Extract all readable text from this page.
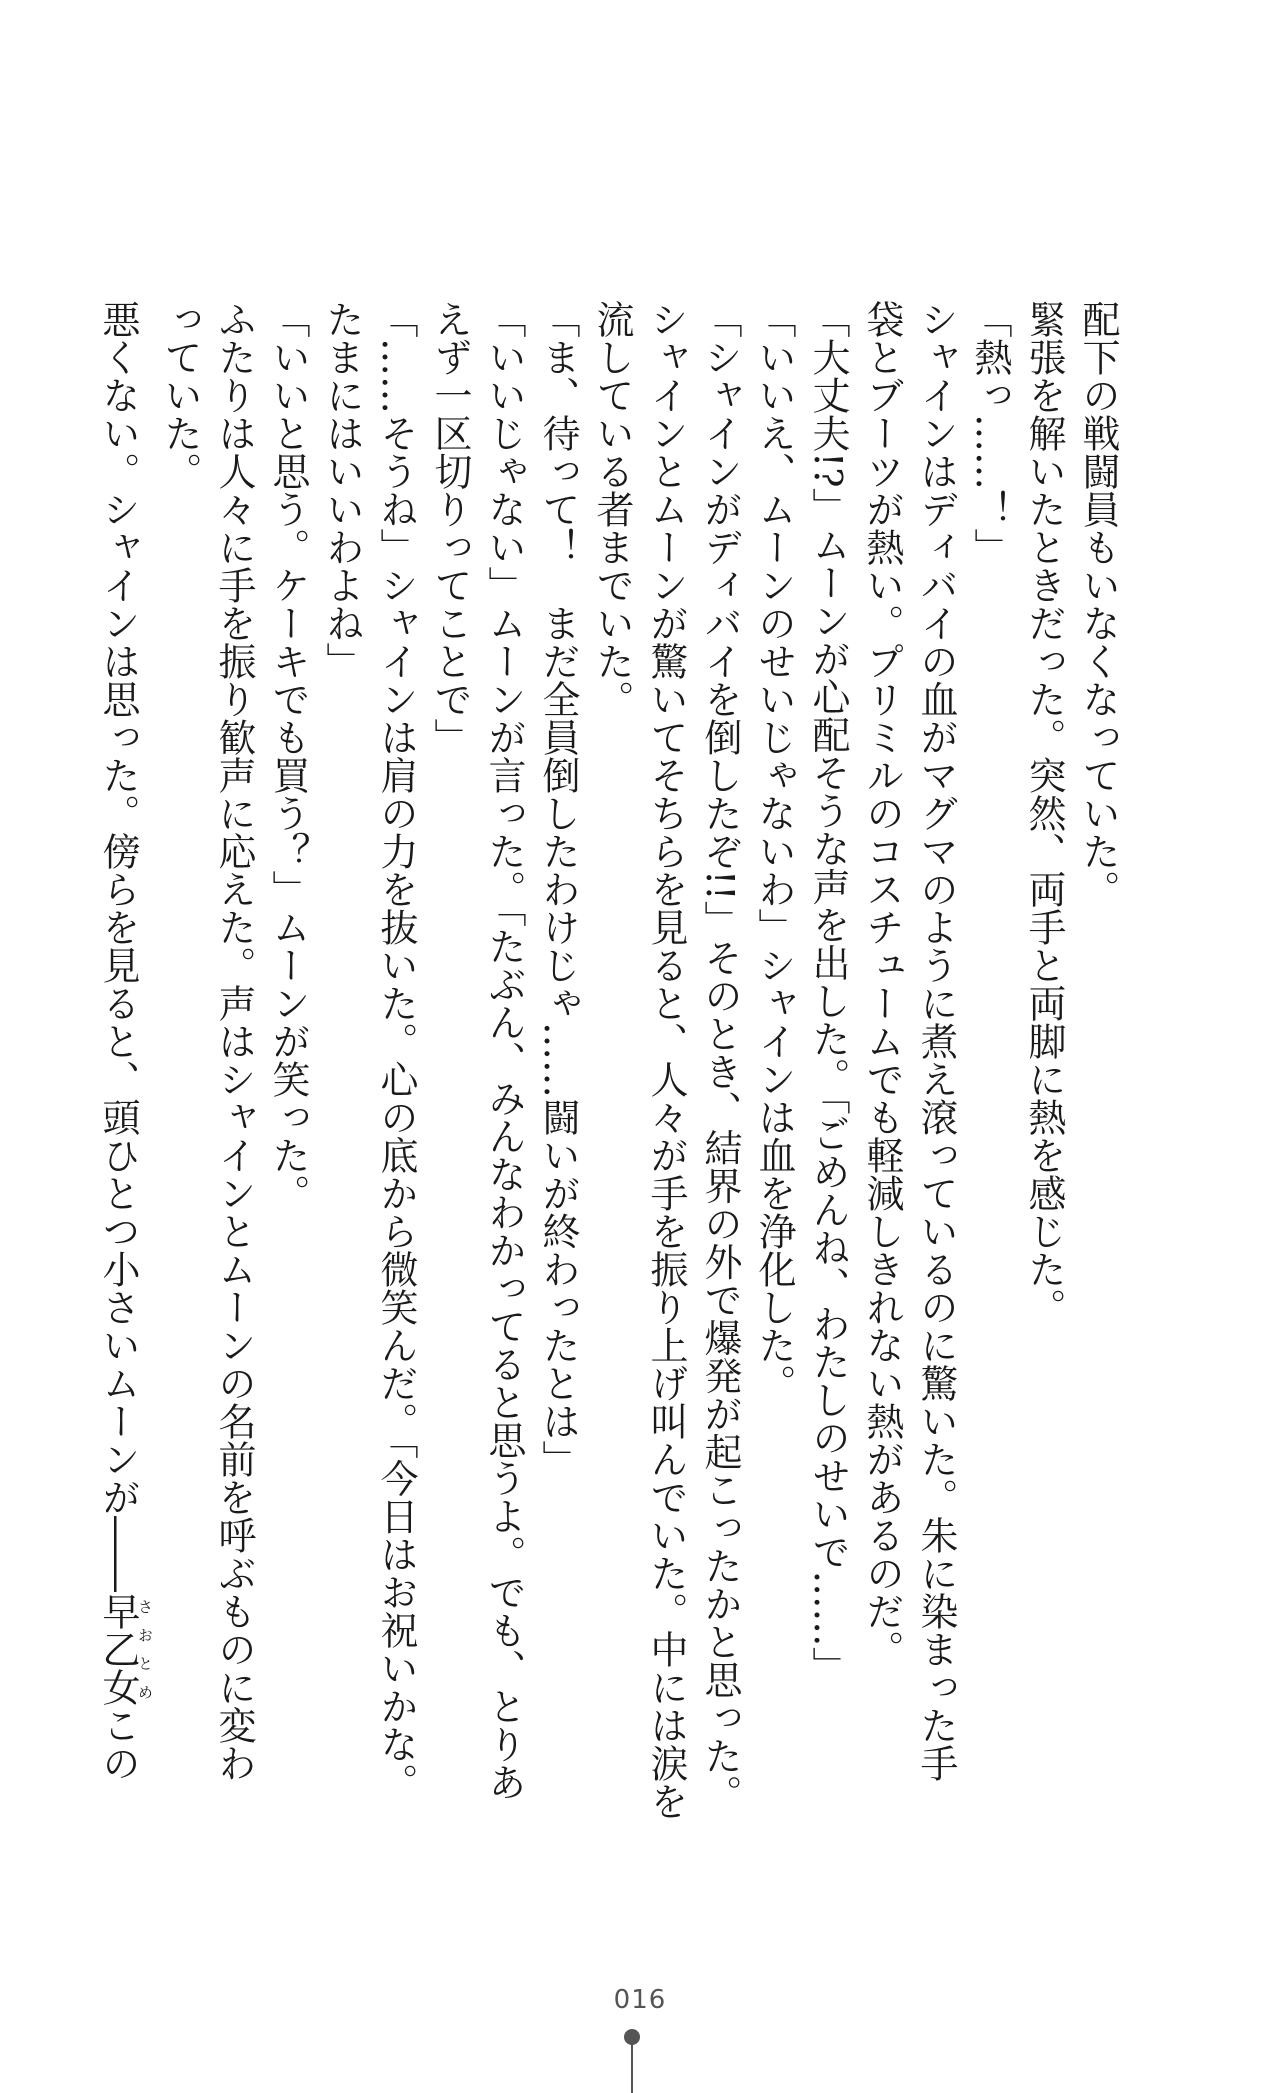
配下の戦闘員もいなくなっていた。
緊張を解いたときだった。突然、両手と両脚に熱を感じた。
「熱っ……！」
シャインはディバイの血がマグマのように煮え滾っているのに驚いた。朱に染まった手
袋とブーツが熱い。プリミルのコスチュームでも軽減しきれない熱があるのだ。
「大丈夫!?」ムーンが心配そうな声を出した。「ごめんね、わたしのせいで……」
「いいえ、ムーンのせいじゃないわ」シャインは血を浄化した。
「シャインがディバイを倒したぞ!!」そのとき、結界の外で爆発が起こったかと思った。
シャインとムーンが驚いてそちらを見ると、人々が手を振り上げ叫んでいた。中には涙を
流している者までいた。
「ま、待って！　まだ全員倒したわけじゃ……闘いが終わったとは」
「いいじゃない」ムーンが言った。「たぶん、みんなわかってると思うよ。でも、とりあ
えず一区切りってことで」
「……そうね」シャインは肩の力を抜いた。心の底から微笑んだ。「今日はお祝いかな。
たまにはいいわよね」
「いいと思う。ケーキでも買う？」ムーンが笑った。
ふたりは人々に手を振り歓声に応えた。声はシャインとムーンの名前を呼ぶものに変わ
っていた。
悪くない。シャインは思った。傍らを見ると、頭ひとつ小さいムーンが――早乙女さおとめこの
016
